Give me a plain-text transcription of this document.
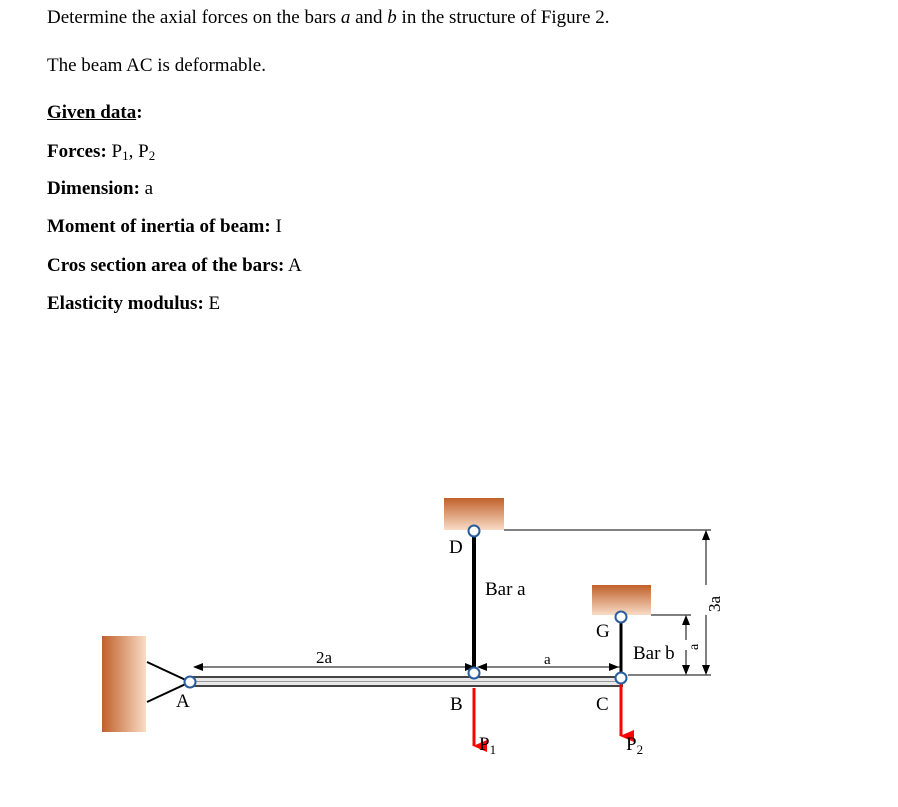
Determine the axial forces on the bars a and b in the structure of Figure 2.
The beam AC is deformable.
Given data:
Forces: $P_1$, $P_2$
Dimension: a
Moment of inertia of beam: I
Cros section area of the bars: A
Elasticity modulus: E
A	B	C
D
G
Bar a
Bar b
2a	a
a
3a
$P_1$	$P_2$
